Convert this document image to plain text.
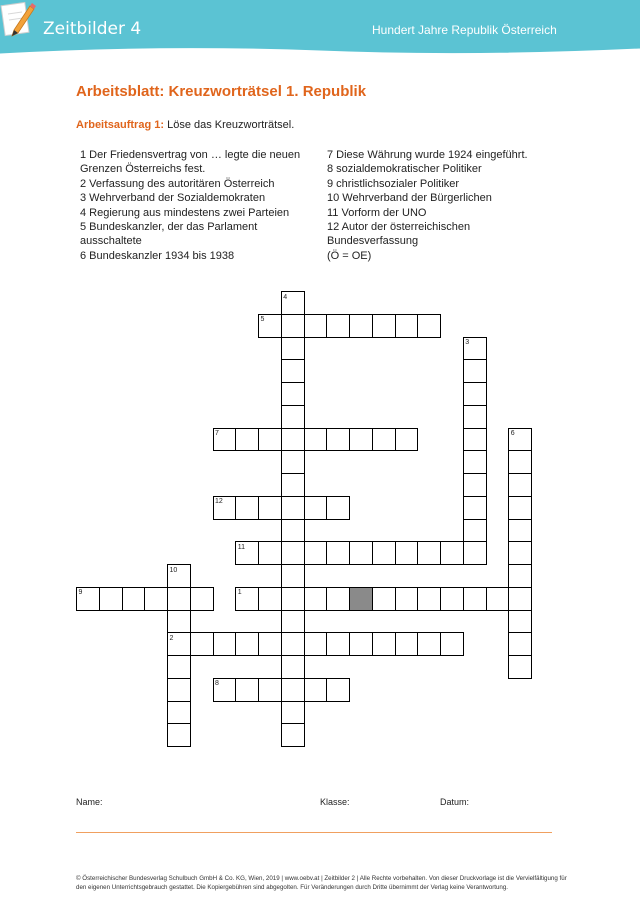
Zeitbilder 4	Hundert Jahre Republik Österreich
Arbeitsblatt: Kreuzworträtsel 1. Republik
Arbeitsauftrag 1: Löse das Kreuzworträtsel.
1 Der Friedensvertrag von … legte die neuen Grenzen Österreichs fest.
2 Verfassung des autoritären Österreich
3 Wehrverband der Sozialdemokraten
4 Regierung aus mindestens zwei Parteien
5 Bundeskanzler, der das Parlament ausschaltete
6 Bundeskanzler 1934 bis 1938
7 Diese Währung wurde 1924 eingeführt.
8 sozialdemokratischer Politiker
9 christlichsozialer Politiker
10 Wehrverband der Bürgerlichen
11 Vorform der UNO
12 Autor der österreichischen Bundesverfassung
(Ö = OE)
4
5
3
7	6
12
11
10
9	1
2
8
Name:	Klasse:	Datum:
© Österreichischer Bundesverlag Schulbuch GmbH & Co. KG, Wien, 2019 | www.oebv.at | Zeitbilder 2 | Alle Rechte vorbehalten. Von dieser Druckvorlage ist die Vervielfältigung für den eigenen Unterrichtsgebrauch gestattet. Die Kopiergebühren sind abgegolten. Für Veränderungen durch Dritte übernimmt der Verlag keine Verantwortung.
